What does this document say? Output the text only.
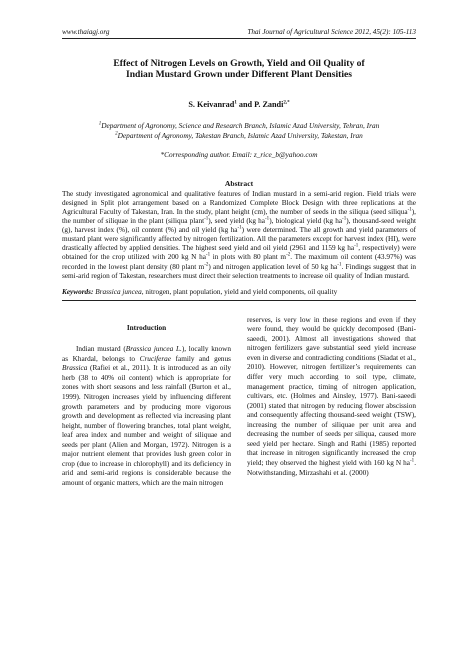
www.thaiagj.org	Thai Journal of Agricultural Science 2012, 45(2): 105-113
Effect of Nitrogen Levels on Growth, Yield and Oil Quality of
Indian Mustard Grown under Different Plant Densities
S. Keivanrad$^1$ and P. Zandi$^{2,*}$
$^1$Department of Agronomy, Science and Research Branch, Islamic Azad University, Tehran, Iran
$^2$Department of Agronomy, Takestan Branch, Islamic Azad University, Takestan, Iran
*Corresponding author. Email: z_rice_b@yahoo.com
Abstract
The study investigated agronomical and qualitative features of Indian mustard in a semi-arid region. Field trials were designed in Split plot arrangement based on a Randomized Complete Block Design with three replications at the Agricultural Faculty of Takestan, Iran. In the study, plant height (cm), the number of seeds in the siliqua (seed siliqua$^{-1}$), the number of siliquae in the plant (siliqua plant$^{-1}$), seed yield (kg $ha^{-1}$), biological yield (kg $ha^{-1}$), thousand-seed weight (g), harvest index (%), oil content (%) and oil yield (kg $ha^{-1}$) were determined. The all growth and yield parameters of mustard plant were significantly affected by nitrogen fertilization. All the parameters except for harvest index (HI), were drastically affected by applied densities. The highest seed yield and oil yield (2961 and 1159 kg $ha^{-1}$, respectively) were obtained for the crop utilized with 200 kg N $ha^{-1}$ in plots with 80 plant $m^{-2}$. The maximum oil content (43.97%) was recorded in the lowest plant density (80 plant $m^{-2}$) and nitrogen application level of 50 kg $ha^{-1}$. Findings suggest that in semi-arid region of Takestan, researchers must direct their selection treatments to increase oil quality of Indian mustard.
Keywords: Brassica juncea, nitrogen, plant population, yield and yield components, oil quality
Introduction
Indian mustard (Brassica juncea L.), locally known as Khardal, belongs to Cruciferae family and genus Brassica (Rafiei et al., 2011). It is introduced as an oily herb (38 to 40% oil content) which is appropriate for zones with short seasons and less rainfall (Burton et al., 1999). Nitrogen increases yield by influencing different growth parameters and by producing more vigorous growth and development as reflected via increasing plant height, number of flowering branches, total plant weight, leaf area index and number and weight of siliquae and seeds per plant (Alien and Morgan, 1972). Nitrogen is a major nutrient element that provides lush green color in crop (due to increase in chlorophyll) and its deficiency in arid and semi-arid regions is considerable because the amount of organic matters, which are the main nitrogen
reserves, is very low in these regions and even if they were found, they would be quickly decomposed (Bani-saeedi, 2001). Almost all investigations showed that nitrogen fertilizers gave substantial seed yield increase even in diverse and contradicting conditions (Siadat et al., 2010). However, nitrogen fertilizer’s requirements can differ very much according to soil type, climate, management practice, timing of nitrogen application, cultivars, etc. (Holmes and Ainsley, 1977). Bani-saeedi (2001) stated that nitrogen by reducing flower abscission and consequently affecting thousand-seed weight (TSW), increasing the number of siliquae per unit area and decreasing the number of seeds per siliqua, caused more seed yield per hectare. Singh and Rathi (1985) reported that increase in nitrogen significantly increased the crop yield; they observed the highest yield with 160 kg N $ha^{-1}$. Notwithstanding, Mirzashahi et al. (2000)
